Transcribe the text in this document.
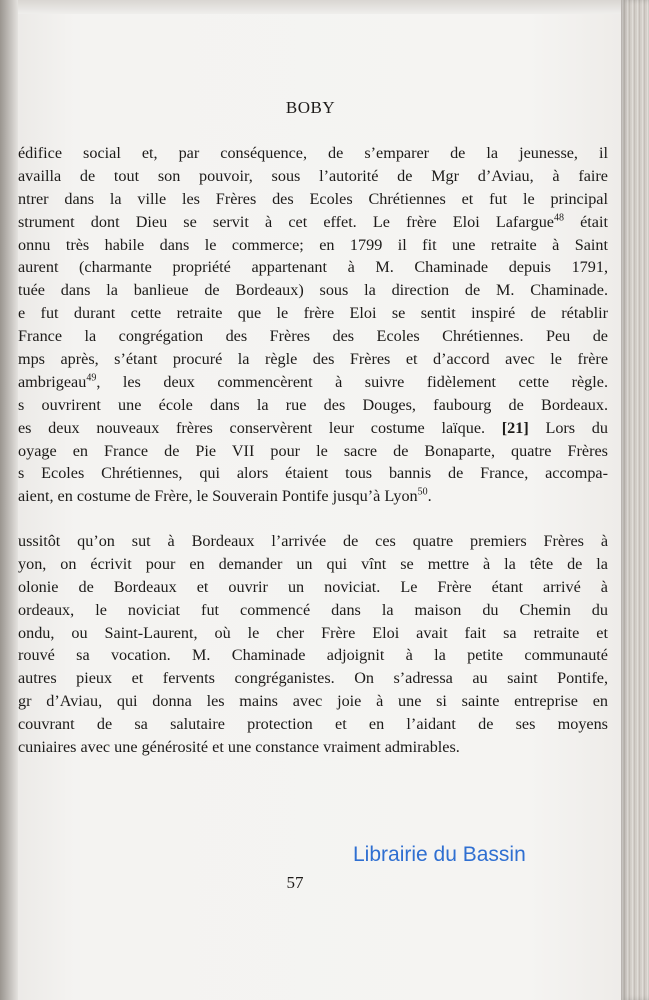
BOBY
édifice social et, par conséquence, de s’emparer de la jeunesse, il
availla de tout son pouvoir, sous l’autorité de Mgr d’Aviau, à faire
ntrer dans la ville les Frères des Ecoles Chrétiennes et fut le principal
strument dont Dieu se servit à cet effet. Le frère Eloi Lafargue$^{48}$ était
onnu très habile dans le commerce; en 1799 il fit une retraite à Saint
aurent (charmante propriété appartenant à M. Chaminade depuis 1791,
tuée dans la banlieue de Bordeaux) sous la direction de M. Chaminade.
e fut durant cette retraite que le frère Eloi se sentit inspiré de rétablir
France la congrégation des Frères des Ecoles Chrétiennes. Peu de
mps après, s’étant procuré la règle des Frères et d’accord avec le frère
ambrigeau$^{49}$, les deux commencèrent à suivre fidèlement cette règle.
s ouvrirent une école dans la rue des Douges, faubourg de Bordeaux.
es deux nouveaux frères conservèrent leur costume laïque. [21] Lors du
oyage en France de Pie VII pour le sacre de Bonaparte, quatre Frères
s Ecoles Chrétiennes, qui alors étaient tous bannis de France, accompa-
aient, en costume de Frère, le Souverain Pontife jusqu’à Lyon$^{50}$.
ussitôt qu’on sut à Bordeaux l’arrivée de ces quatre premiers Frères à
yon, on écrivit pour en demander un qui vînt se mettre à la tête de la
olonie de Bordeaux et ouvrir un noviciat. Le Frère étant arrivé à
ordeaux, le noviciat fut commencé dans la maison du Chemin du
ondu, ou Saint-Laurent, où le cher Frère Eloi avait fait sa retraite et
rouvé sa vocation. M. Chaminade adjoignit à la petite communauté
autres pieux et fervents congréganistes. On s’adressa au saint Pontife,
gr d’Aviau, qui donna les mains avec joie à une si sainte entreprise en
couvrant de sa salutaire protection et en l’aidant de ses moyens
cuniaires avec une générosité et une constance vraiment admirables.
Librairie du Bassin
57
